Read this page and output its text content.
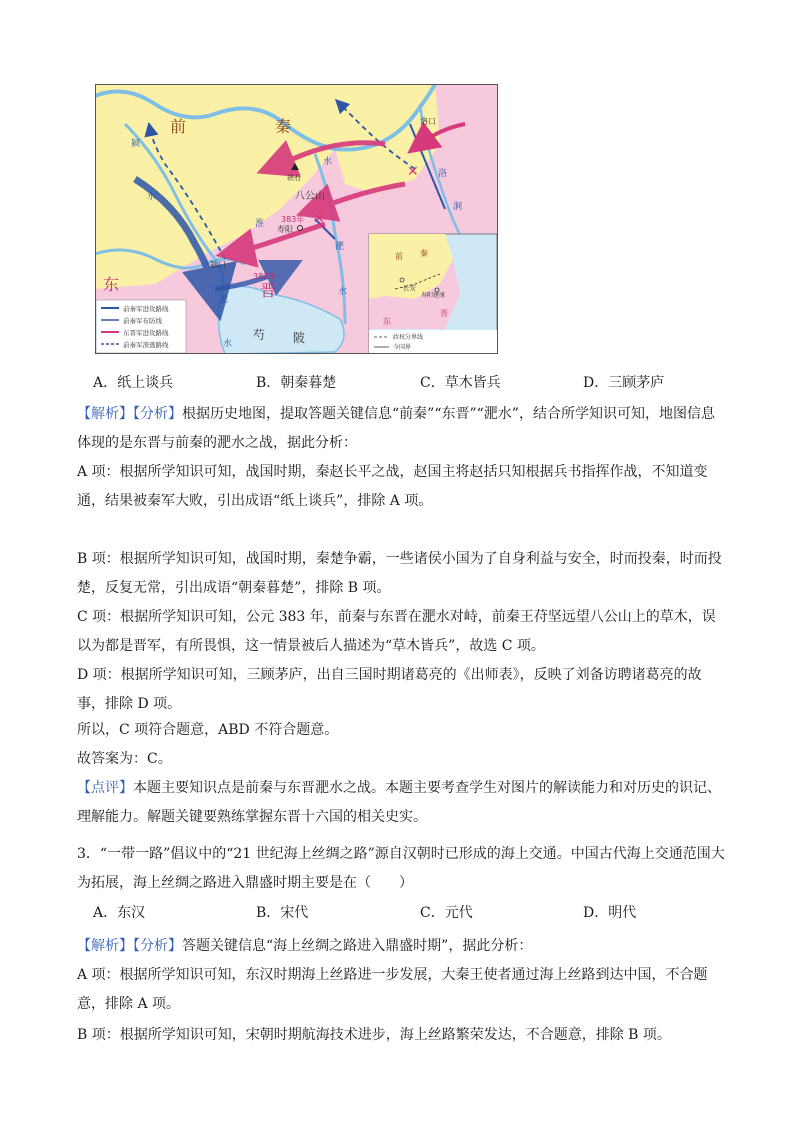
✕
✕
前	秦
东	晋
颍
水
淮
淝
水
水
洛口
洛
涧
硖石
八公山
383年
寿阳
颍口
383年
泚
芍 陂
水
前秦军进攻路线
前秦军布防线
东晋军进攻路线
前秦军溃逃路线
前 秦
东
晋
长安
寿阳 建康
政权分界线
今国界
A．纸上谈兵	B．朝秦暮楚	C．草木皆兵	D．三顾茅庐

【解析】【分析】根据历史地图，提取答题关键信息“前秦”“东晋”“淝水”，结合所学知识可知，地图信息体现的是东晋与前秦的淝水之战，据此分析：

A 项：根据所学知识可知，战国时期，秦赵长平之战，赵国主将赵括只知根据兵书指挥作战，不知道变通，结果被秦军大败，引出成语“纸上谈兵”，排除 A 项。

B 项：根据所学知识可知，战国时期，秦楚争霸，一些诸侯小国为了自身利益与安全，时而投秦，时而投楚，反复无常，引出成语“朝秦暮楚”，排除 B 项。

C 项：根据所学知识可知，公元 383 年，前秦与东晋在淝水对峙，前秦王苻坚远望八公山上的草木，误以为都是晋军，有所畏惧，这一情景被后人描述为“草木皆兵”，故选 C 项。

D 项：根据所学知识可知，三顾茅庐，出自三国时期诸葛亮的《出师表》，反映了刘备访聘诸葛亮的故事，排除 D 项。

所以，C 项符合题意，ABD 不符合题意。

故答案为：C。

【点评】本题主要知识点是前秦与东晋淝水之战。本题主要考查学生对图片的解读能力和对历史的识记、理解能力。解题关键要熟练掌握东晋十六国的相关史实。

3．“一带一路”倡议中的“21 世纪海上丝绸之路”源自汉朝时已形成的海上交通。中国古代海上交通范围大为拓展，海上丝绸之路进入鼎盛时期主要是在（　　）

A．东汉	B．宋代	C．元代	D．明代

【解析】【分析】答题关键信息“海上丝绸之路进入鼎盛时期”，据此分析：

A 项：根据所学知识可知，东汉时期海上丝路进一步发展，大秦王使者通过海上丝路到达中国，不合题意，排除 A 项。

B 项：根据所学知识可知，宋朝时期航海技术进步，海上丝路繁荣发达，不合题意，排除 B 项。
